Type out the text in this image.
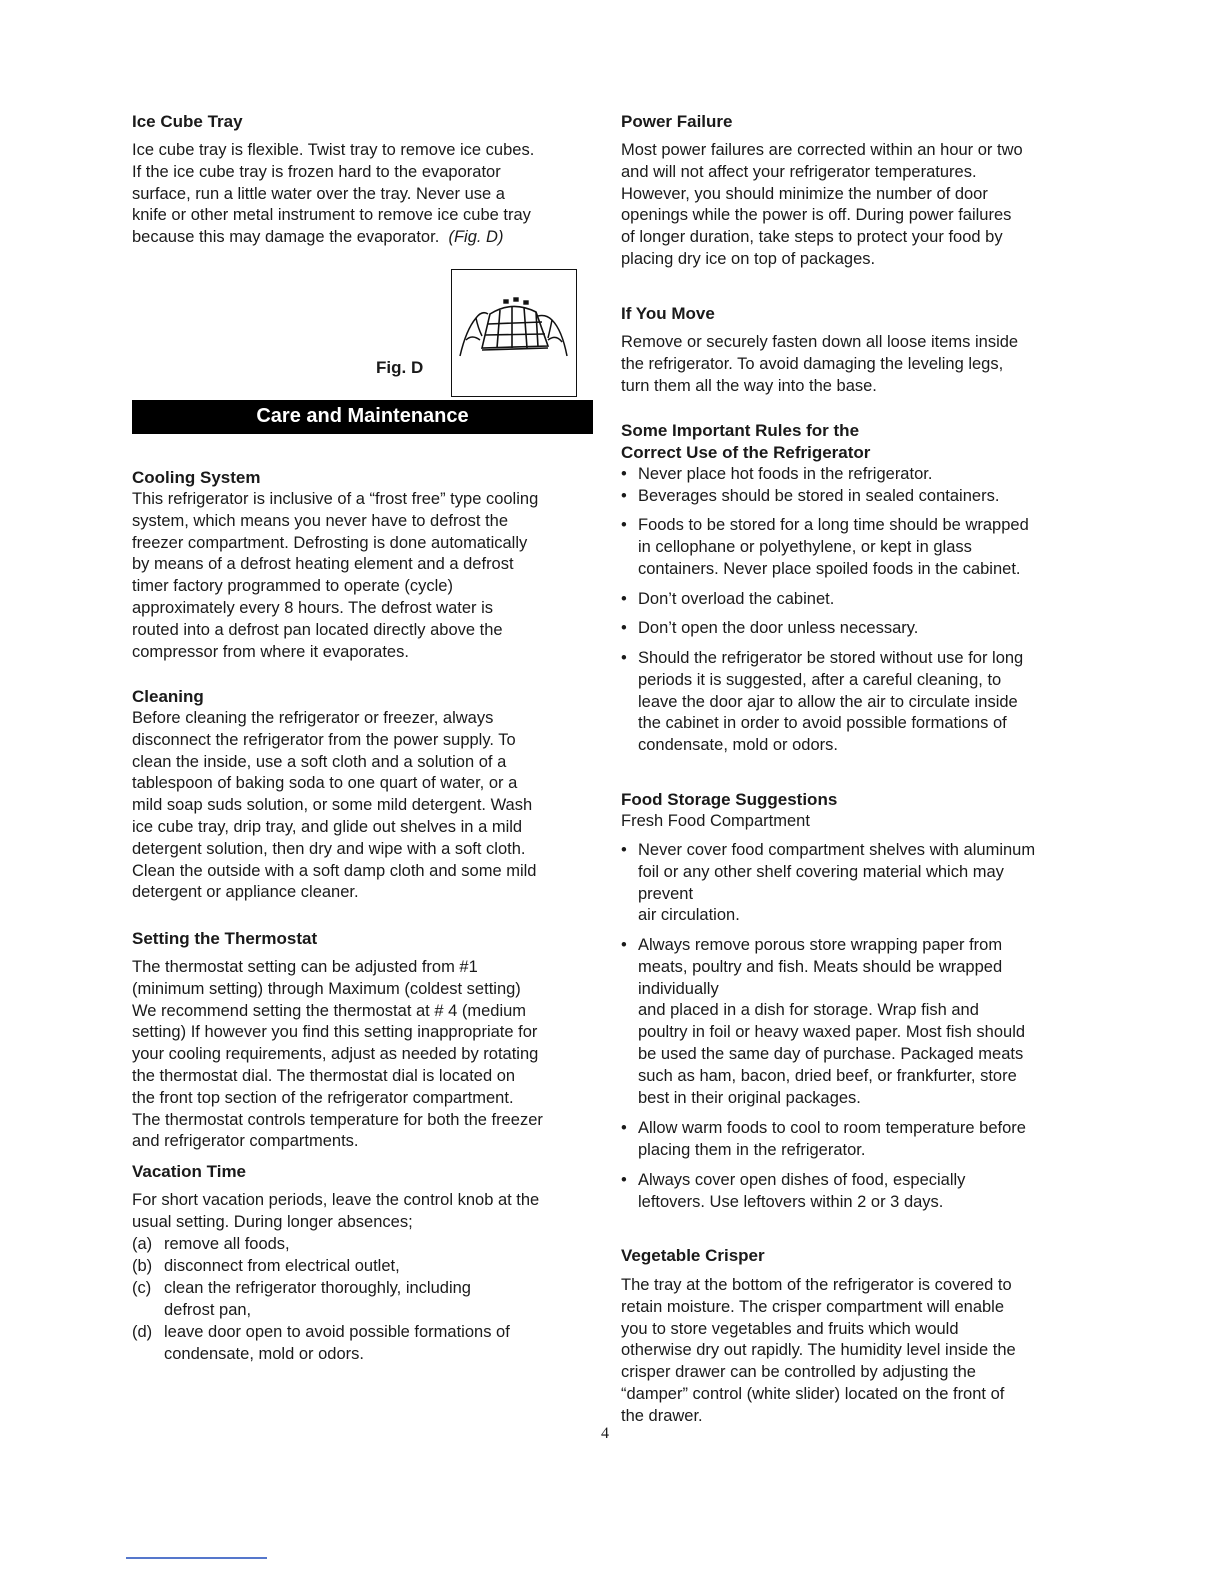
Ice Cube Tray
Ice cube tray is flexible. Twist tray to remove ice cubes.
If the ice cube tray is frozen hard to the evaporator
surface, run a little water over the tray. Never use a
knife or other metal instrument to remove ice cube tray
because this may damage the evaporator. (Fig. D)
Fig. D
Care and Maintenance
Cooling System
This refrigerator is inclusive of a “frost free” type cooling
system, which means you never have to defrost the
freezer compartment. Defrosting is done automatically
by means of a defrost heating element and a defrost
timer factory programmed to operate (cycle)
approximately every 8 hours. The defrost water is
routed into a defrost pan located directly above the
compressor from where it evaporates.
Cleaning
Before cleaning the refrigerator or freezer, always
disconnect the refrigerator from the power supply. To
clean the inside, use a soft cloth and a solution of a
tablespoon of baking soda to one quart of water, or a
mild soap suds solution, or some mild detergent. Wash
ice cube tray, drip tray, and glide out shelves in a mild
detergent solution, then dry and wipe with a soft cloth.
Clean the outside with a soft damp cloth and some mild
detergent or appliance cleaner.
Setting the Thermostat
The thermostat setting can be adjusted from #1
(minimum setting) through Maximum (coldest setting)
We recommend setting the thermostat at # 4 (medium
setting) If however you find this setting inappropriate for
your cooling requirements, adjust as needed by rotating
the thermostat dial. The thermostat dial is located on
the front top section of the refrigerator compartment.
The thermostat controls temperature for both the freezer
and refrigerator compartments.
Vacation Time
For short vacation periods, leave the control knob at the
usual setting. During longer absences;
(a) remove all foods,
(b) disconnect from electrical outlet,
(c) clean the refrigerator thoroughly, including
defrost pan,
(d) leave door open to avoid possible formations of
condensate, mold or odors.
Power Failure
Most power failures are corrected within an hour or two
and will not affect your refrigerator temperatures.
However, you should minimize the number of door
openings while the power is off. During power failures
of longer duration, take steps to protect your food by
placing dry ice on top of packages.
If You Move
Remove or securely fasten down all loose items inside
the refrigerator. To avoid damaging the leveling legs,
turn them all the way into the base.
Some Important Rules for the
Correct Use of the Refrigerator
• Never place hot foods in the refrigerator.
• Beverages should be stored in sealed containers.
• Foods to be stored for a long time should be wrapped
in cellophane or polyethylene, or kept in glass
containers. Never place spoiled foods in the cabinet.
• Don’t overload the cabinet.
• Don’t open the door unless necessary.
• Should the refrigerator be stored without use for long
periods it is suggested, after a careful cleaning, to
leave the door ajar to allow the air to circulate inside
the cabinet in order to avoid possible formations of
condensate, mold or odors.
Food Storage Suggestions
Fresh Food Compartment
• Never cover food compartment shelves with aluminum
foil or any other shelf covering material which may
prevent
air circulation.
• Always remove porous store wrapping paper from
meats, poultry and fish. Meats should be wrapped
individually
and placed in a dish for storage. Wrap fish and
poultry in foil or heavy waxed paper. Most fish should
be used the same day of purchase. Packaged meats
such as ham, bacon, dried beef, or frankfurter, store
best in their original packages.
• Allow warm foods to cool to room temperature before
placing them in the refrigerator.
• Always cover open dishes of food, especially
leftovers. Use leftovers within 2 or 3 days.
Vegetable Crisper
The tray at the bottom of the refrigerator is covered to
retain moisture. The crisper compartment will enable
you to store vegetables and fruits which would
otherwise dry out rapidly. The humidity level inside the
crisper drawer can be controlled by adjusting the
“damper” control (white slider) located on the front of
the drawer.
4
